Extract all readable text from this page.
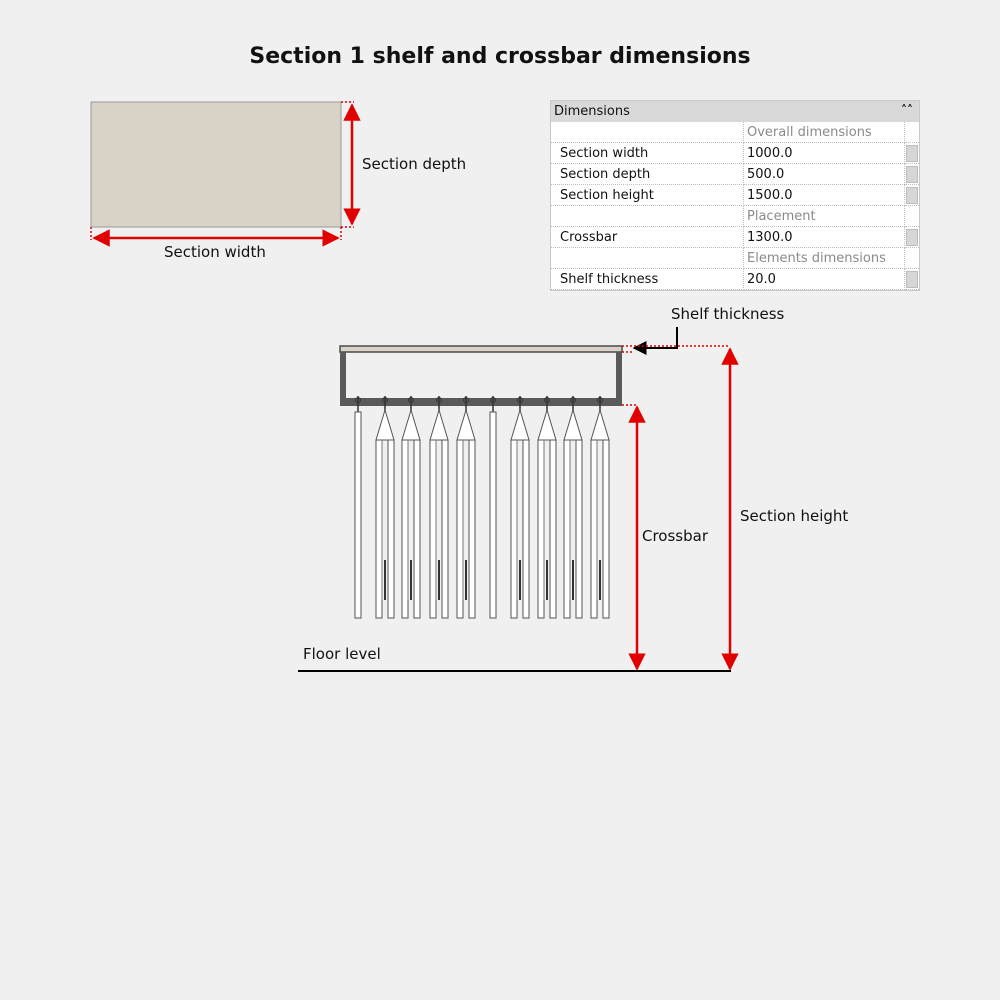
Section 1 shelf and crossbar dimensions
Section depth
Section width
Shelf thickness
Crossbar
Section height
Floor level
Dimensions	˄˄
	Overall dimensions	
Section width	1000.0	

Section depth	500.0	

Section height	1500.0	

	Placement	
Crossbar	1300.0	

	Elements dimensions	
Shelf thickness	20.0	
